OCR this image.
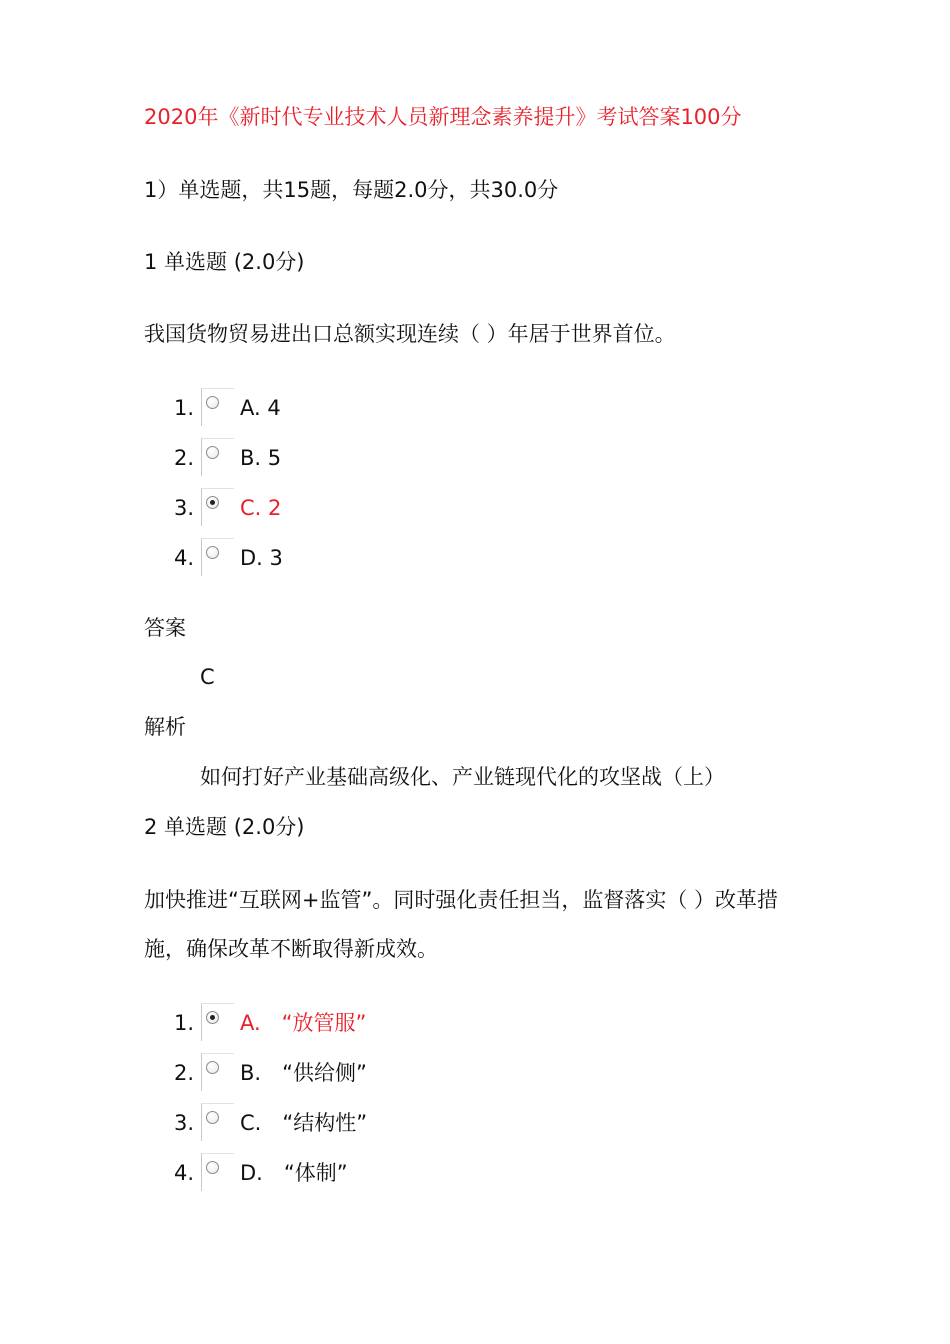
2020年《新时代专业技术人员新理念素养提升》考试答案100分
1）单选题，共15题，每题2.0分，共30.0分
1 单选题 (2.0分)
我国货物贸易进出口总额实现连续（ ）年居于世界首位。
1. A. 4
2. B. 5
3. C. 2
4. D. 3
答案
C
解析
如何打好产业基础高级化、产业链现代化的攻坚战（上）
2 单选题 (2.0分)
加快推进“互联网+监管”。同时强化责任担当，监督落实（ ）改革措
施，确保改革不断取得新成效。
1. A.　“放管服”
2. B.　“供给侧”
3. C.　“结构性”
4. D.　“体制”
